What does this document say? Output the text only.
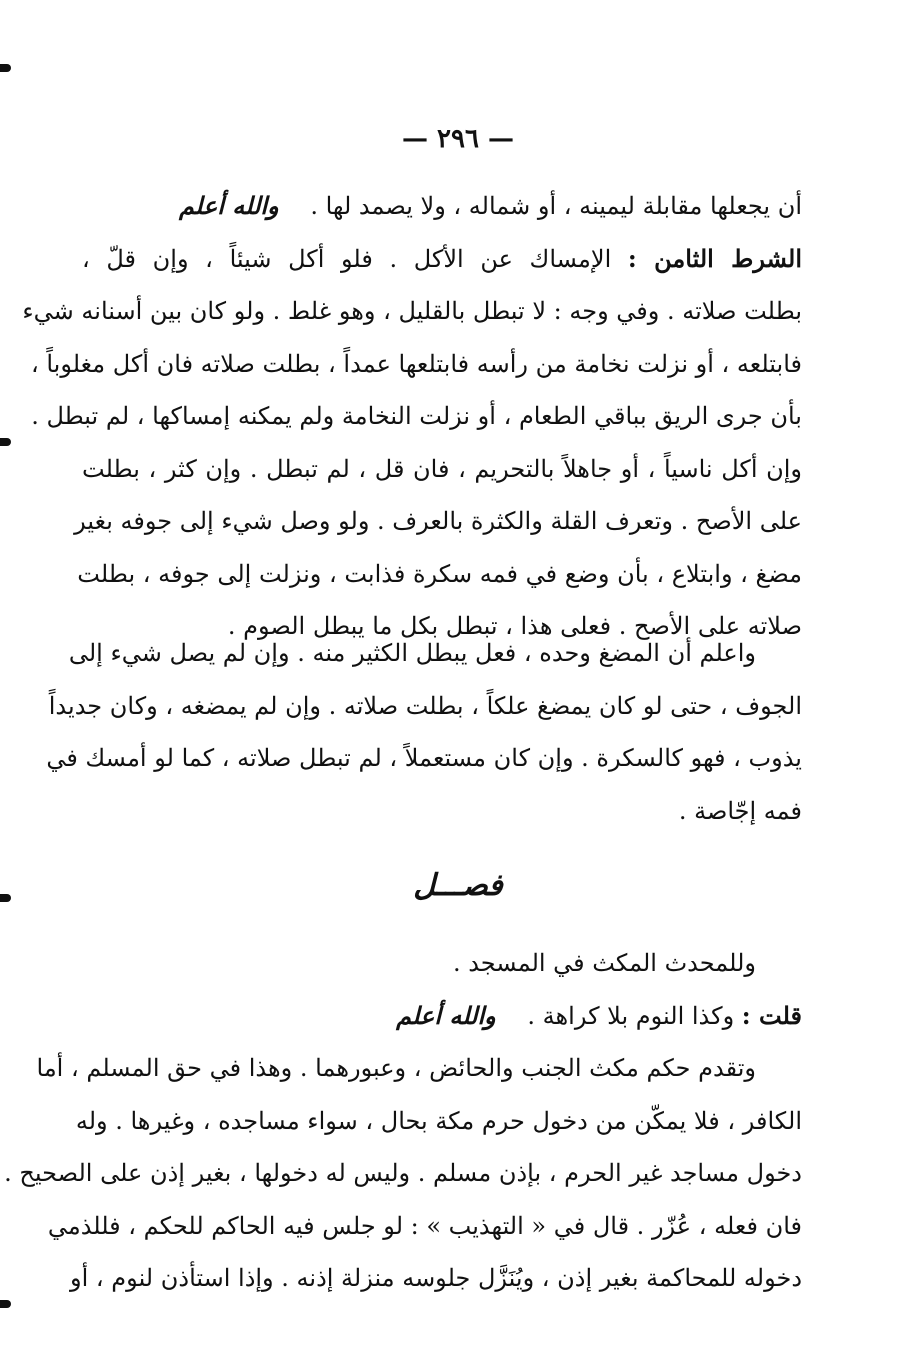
— ٢٩٦ —
أن يجعلها مقابلة ليمينه ، أو شماله ، ولا يصمد لها . والله أعلم
الشرط الثامن : الإمساك عن الأكل . فلو أكل شيئاً ، وإن قلّ ،
بطلت صلاته . وفي وجه : لا تبطل بالقليل ، وهو غلط . ولو كان بين أسنانه شيء
فابتلعه ، أو نزلت نخامة من رأسه فابتلعها عمداً ، بطلت صلاته فان أكل مغلوباً ،
بأن جرى الريق بباقي الطعام ، أو نزلت النخامة ولم يمكنه إمساكها ، لم تبطل .
وإن أكل ناسياً ، أو جاهلاً بالتحريم ، فان قل ، لم تبطل . وإن كثر ، بطلت
على الأصح . وتعرف القلة والكثرة بالعرف . ولو وصل شيء إلى جوفه بغير
مضغ ، وابتلاع ، بأن وضع في فمه سكرة فذابت ، ونزلت إلى جوفه ، بطلت
صلاته على الأصح . فعلى هذا ، تبطل بكل ما يبطل الصوم .
واعلم أن المضغ وحده ، فعل يبطل الكثير منه . وإن لم يصل شيء إلى
الجوف ، حتى لو كان يمضغ علكاً ، بطلت صلاته . وإن لم يمضغه ، وكان جديداً
يذوب ، فهو كالسكرة . وإن كان مستعملاً ، لم تبطل صلاته ، كما لو أمسك في
فمه إجّاصة .
فصـــل
وللمحدث المكث في المسجد .
قلت : وكذا النوم بلا كراهة . والله أعلم
وتقدم حكم مكث الجنب والحائض ، وعبورهما . وهذا في حق المسلم ، أما
الكافر ، فلا يمكّن من دخول حرم مكة بحال ، سواء مساجده ، وغيرها . وله
دخول مساجد غير الحرم ، بإذن مسلم . وليس له دخولها ، بغير إذن على الصحيح .
فان فعله ، عُزّر . قال في « التهذيب » : لو جلس فيه الحاكم للحكم ، فللذمي
دخوله للمحاكمة بغير إذن ، ويُنَزَّل جلوسه منزلة إذنه . وإذا استأذن لنوم ، أو
